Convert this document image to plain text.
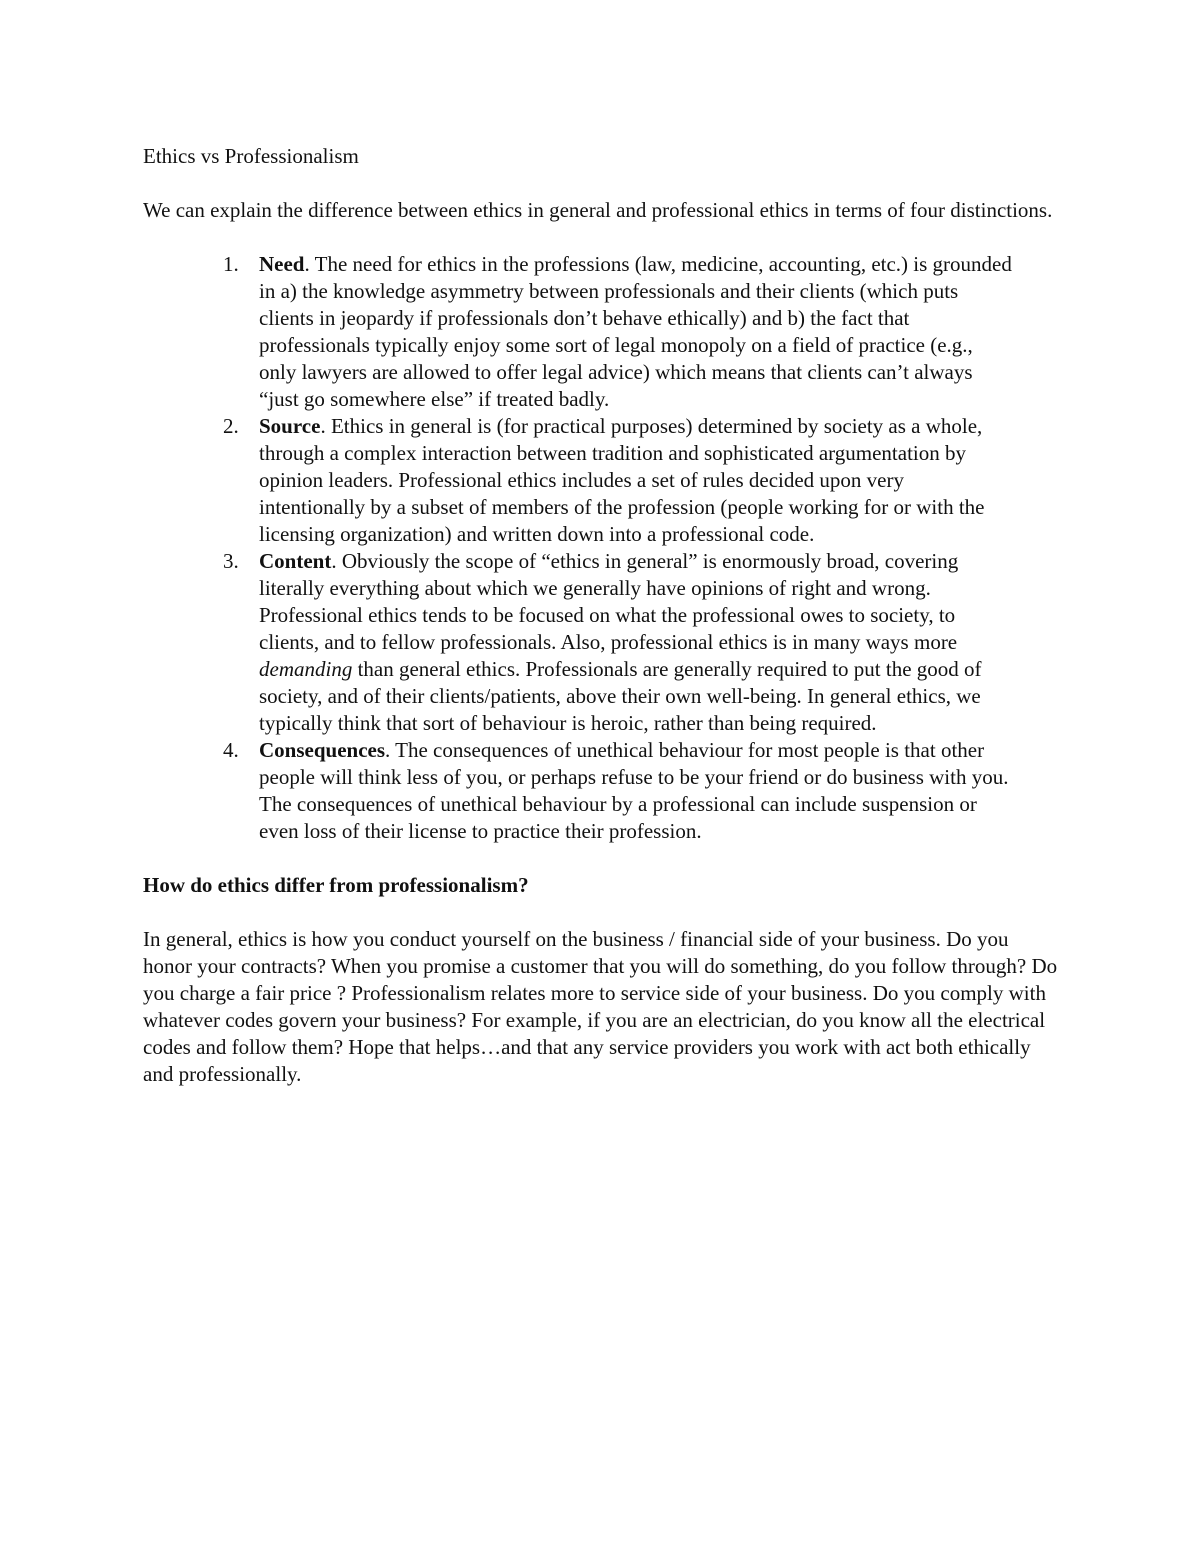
Ethics vs Professionalism

We can explain the difference between ethics in general and professional ethics in terms of four distinctions.

1. Need. The need for ethics in the professions (law, medicine, accounting, etc.) is grounded in a) the knowledge asymmetry between professionals and their clients (which puts clients in jeopardy if professionals don’t behave ethically) and b) the fact that professionals typically enjoy some sort of legal monopoly on a field of practice (e.g., only lawyers are allowed to offer legal advice) which means that clients can’t always “just go somewhere else” if treated badly.
2. Source. Ethics in general is (for practical purposes) determined by society as a whole, through a complex interaction between tradition and sophisticated argumentation by opinion leaders. Professional ethics includes a set of rules decided upon very intentionally by a subset of members of the profession (people working for or with the licensing organization) and written down into a professional code.
3. Content. Obviously the scope of “ethics in general” is enormously broad, covering literally everything about which we generally have opinions of right and wrong. Professional ethics tends to be focused on what the professional owes to society, to clients, and to fellow professionals. Also, professional ethics is in many ways more demanding than general ethics. Professionals are generally required to put the good of society, and of their clients/patients, above their own well-being. In general ethics, we typically think that sort of behaviour is heroic, rather than being required.
4. Consequences. The consequences of unethical behaviour for most people is that other people will think less of you, or perhaps refuse to be your friend or do business with you. The consequences of unethical behaviour by a professional can include suspension or even loss of their license to practice their profession.

How do ethics differ from professionalism?

In general, ethics is how you conduct yourself on the business / financial side of your business. Do you honor your contracts? When you promise a customer that you will do something, do you follow through? Do you charge a fair price ? Professionalism relates more to service side of your business. Do you comply with whatever codes govern your business? For example, if you are an electrician, do you know all the electrical codes and follow them? Hope that helps…and that any service providers you work with act both ethically and professionally.
